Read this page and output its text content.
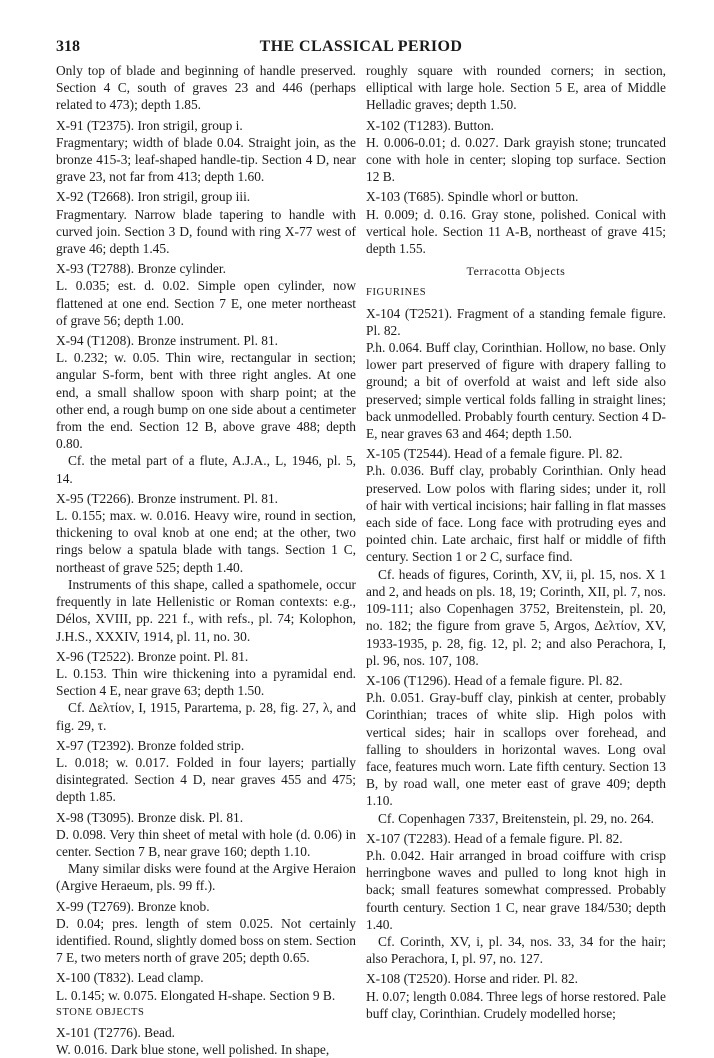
318	THE CLASSICAL PERIOD

Only top of blade and beginning of handle preserved. Section 4 C, south of graves 23 and 446 (perhaps related to 473); depth 1.85.

X-91 (T2375). Iron strigil, group i.

Fragmentary; width of blade 0.04. Straight join, as the bronze 415-3; leaf-shaped handle-tip. Section 4 D, near grave 23, not far from 413; depth 1.60.

X-92 (T2668). Iron strigil, group iii.

Fragmentary. Narrow blade tapering to handle with curved join. Section 3 D, found with ring X-77 west of grave 46; depth 1.45.

X-93 (T2788). Bronze cylinder.

L. 0.035; est. d. 0.02. Simple open cylinder, now flattened at one end. Section 7 E, one meter northeast of grave 56; depth 1.00.

X-94 (T1208). Bronze instrument. Pl. 81.

L. 0.232; w. 0.05. Thin wire, rectangular in section; angular S-form, bent with three right angles. At one end, a small shallow spoon with sharp point; at the other end, a rough bump on one side about a centimeter from the end. Section 12 B, above grave 488; depth 0.80.

Cf. the metal part of a flute, A.J.A., L, 1946, pl. 5, 14.

X-95 (T2266). Bronze instrument. Pl. 81.

L. 0.155; max. w. 0.016. Heavy wire, round in section, thickening to oval knob at one end; at the other, two rings below a spatula blade with tangs. Section 1 C, northeast of grave 525; depth 1.40.

Instruments of this shape, called a spathomele, occur frequently in late Hellenistic or Roman contexts: e.g., Délos, XVIII, pp. 221 f., with refs., pl. 74; Kolophon, J.H.S., XXXIV, 1914, pl. 11, no. 30.

X-96 (T2522). Bronze point. Pl. 81.

L. 0.153. Thin wire thickening into a pyramidal end. Section 4 E, near grave 63; depth 1.50.

Cf. Δελτίον, I, 1915, Parartema, p. 28, fig. 27, λ, and fig. 29, τ.

X-97 (T2392). Bronze folded strip.

L. 0.018; w. 0.017. Folded in four layers; partially disintegrated. Section 4 D, near graves 455 and 475; depth 1.85.

X-98 (T3095). Bronze disk. Pl. 81.

D. 0.098. Very thin sheet of metal with hole (d. 0.06) in center. Section 7 B, near grave 160; depth 1.10.

Many similar disks were found at the Argive Heraion (Argive Heraeum, pls. 99 ff.).

X-99 (T2769). Bronze knob.

D. 0.04; pres. length of stem 0.025. Not certainly identified. Round, slightly domed boss on stem. Section 7 E, two meters north of grave 205; depth 0.65.

X-100 (T832). Lead clamp.

L. 0.145; w. 0.075. Elongated H-shape. Section 9 B.

STONE OBJECTS

X-101 (T2776). Bead.

W. 0.016. Dark blue stone, well polished. In shape,

roughly square with rounded corners; in section, elliptical with large hole. Section 5 E, area of Middle Helladic graves; depth 1.50.

X-102 (T1283). Button.

H. 0.006-0.01; d. 0.027. Dark grayish stone; truncated cone with hole in center; sloping top surface. Section 12 B.

X-103 (T685). Spindle whorl or button.

H. 0.009; d. 0.16. Gray stone, polished. Conical with vertical hole. Section 11 A-B, northeast of grave 415; depth 1.55.

Terracotta Objects

FIGURINES

X-104 (T2521). Fragment of a standing female figure. Pl. 82.

P.h. 0.064. Buff clay, Corinthian. Hollow, no base. Only lower part preserved of figure with drapery falling to ground; a bit of overfold at waist and left side also preserved; simple vertical folds falling in straight lines; back unmodelled. Probably fourth century. Section 4 D-E, near graves 63 and 464; depth 1.50.

X-105 (T2544). Head of a female figure. Pl. 82.

P.h. 0.036. Buff clay, probably Corinthian. Only head preserved. Low polos with flaring sides; under it, roll of hair with vertical incisions; hair falling in flat masses each side of face. Long face with protruding eyes and pointed chin. Late archaic, first half or middle of fifth century. Section 1 or 2 C, surface find.

Cf. heads of figures, Corinth, XV, ii, pl. 15, nos. X 1 and 2, and heads on pls. 18, 19; Corinth, XII, pl. 7, nos. 109-111; also Copenhagen 3752, Breitenstein, pl. 20, no. 182; the figure from grave 5, Argos, Δελτίον, XV, 1933-1935, p. 28, fig. 12, pl. 2; and also Perachora, I, pl. 96, nos. 107, 108.

X-106 (T1296). Head of a female figure. Pl. 82.

P.h. 0.051. Gray-buff clay, pinkish at center, probably Corinthian; traces of white slip. High polos with vertical sides; hair in scallops over forehead, and falling to shoulders in horizontal waves. Long oval face, features much worn. Late fifth century. Section 13 B, by road wall, one meter east of grave 409; depth 1.10.

Cf. Copenhagen 7337, Breitenstein, pl. 29, no. 264.

X-107 (T2283). Head of a female figure. Pl. 82.

P.h. 0.042. Hair arranged in broad coiffure with crisp herringbone waves and pulled to long knot high in back; small features somewhat compressed. Probably fourth century. Section 1 C, near grave 184/530; depth 1.40.

Cf. Corinth, XV, i, pl. 34, nos. 33, 34 for the hair; also Perachora, I, pl. 97, no. 127.

X-108 (T2520). Horse and rider. Pl. 82.

H. 0.07; length 0.084. Three legs of horse restored. Pale buff clay, Corinthian. Crudely modelled horse;
